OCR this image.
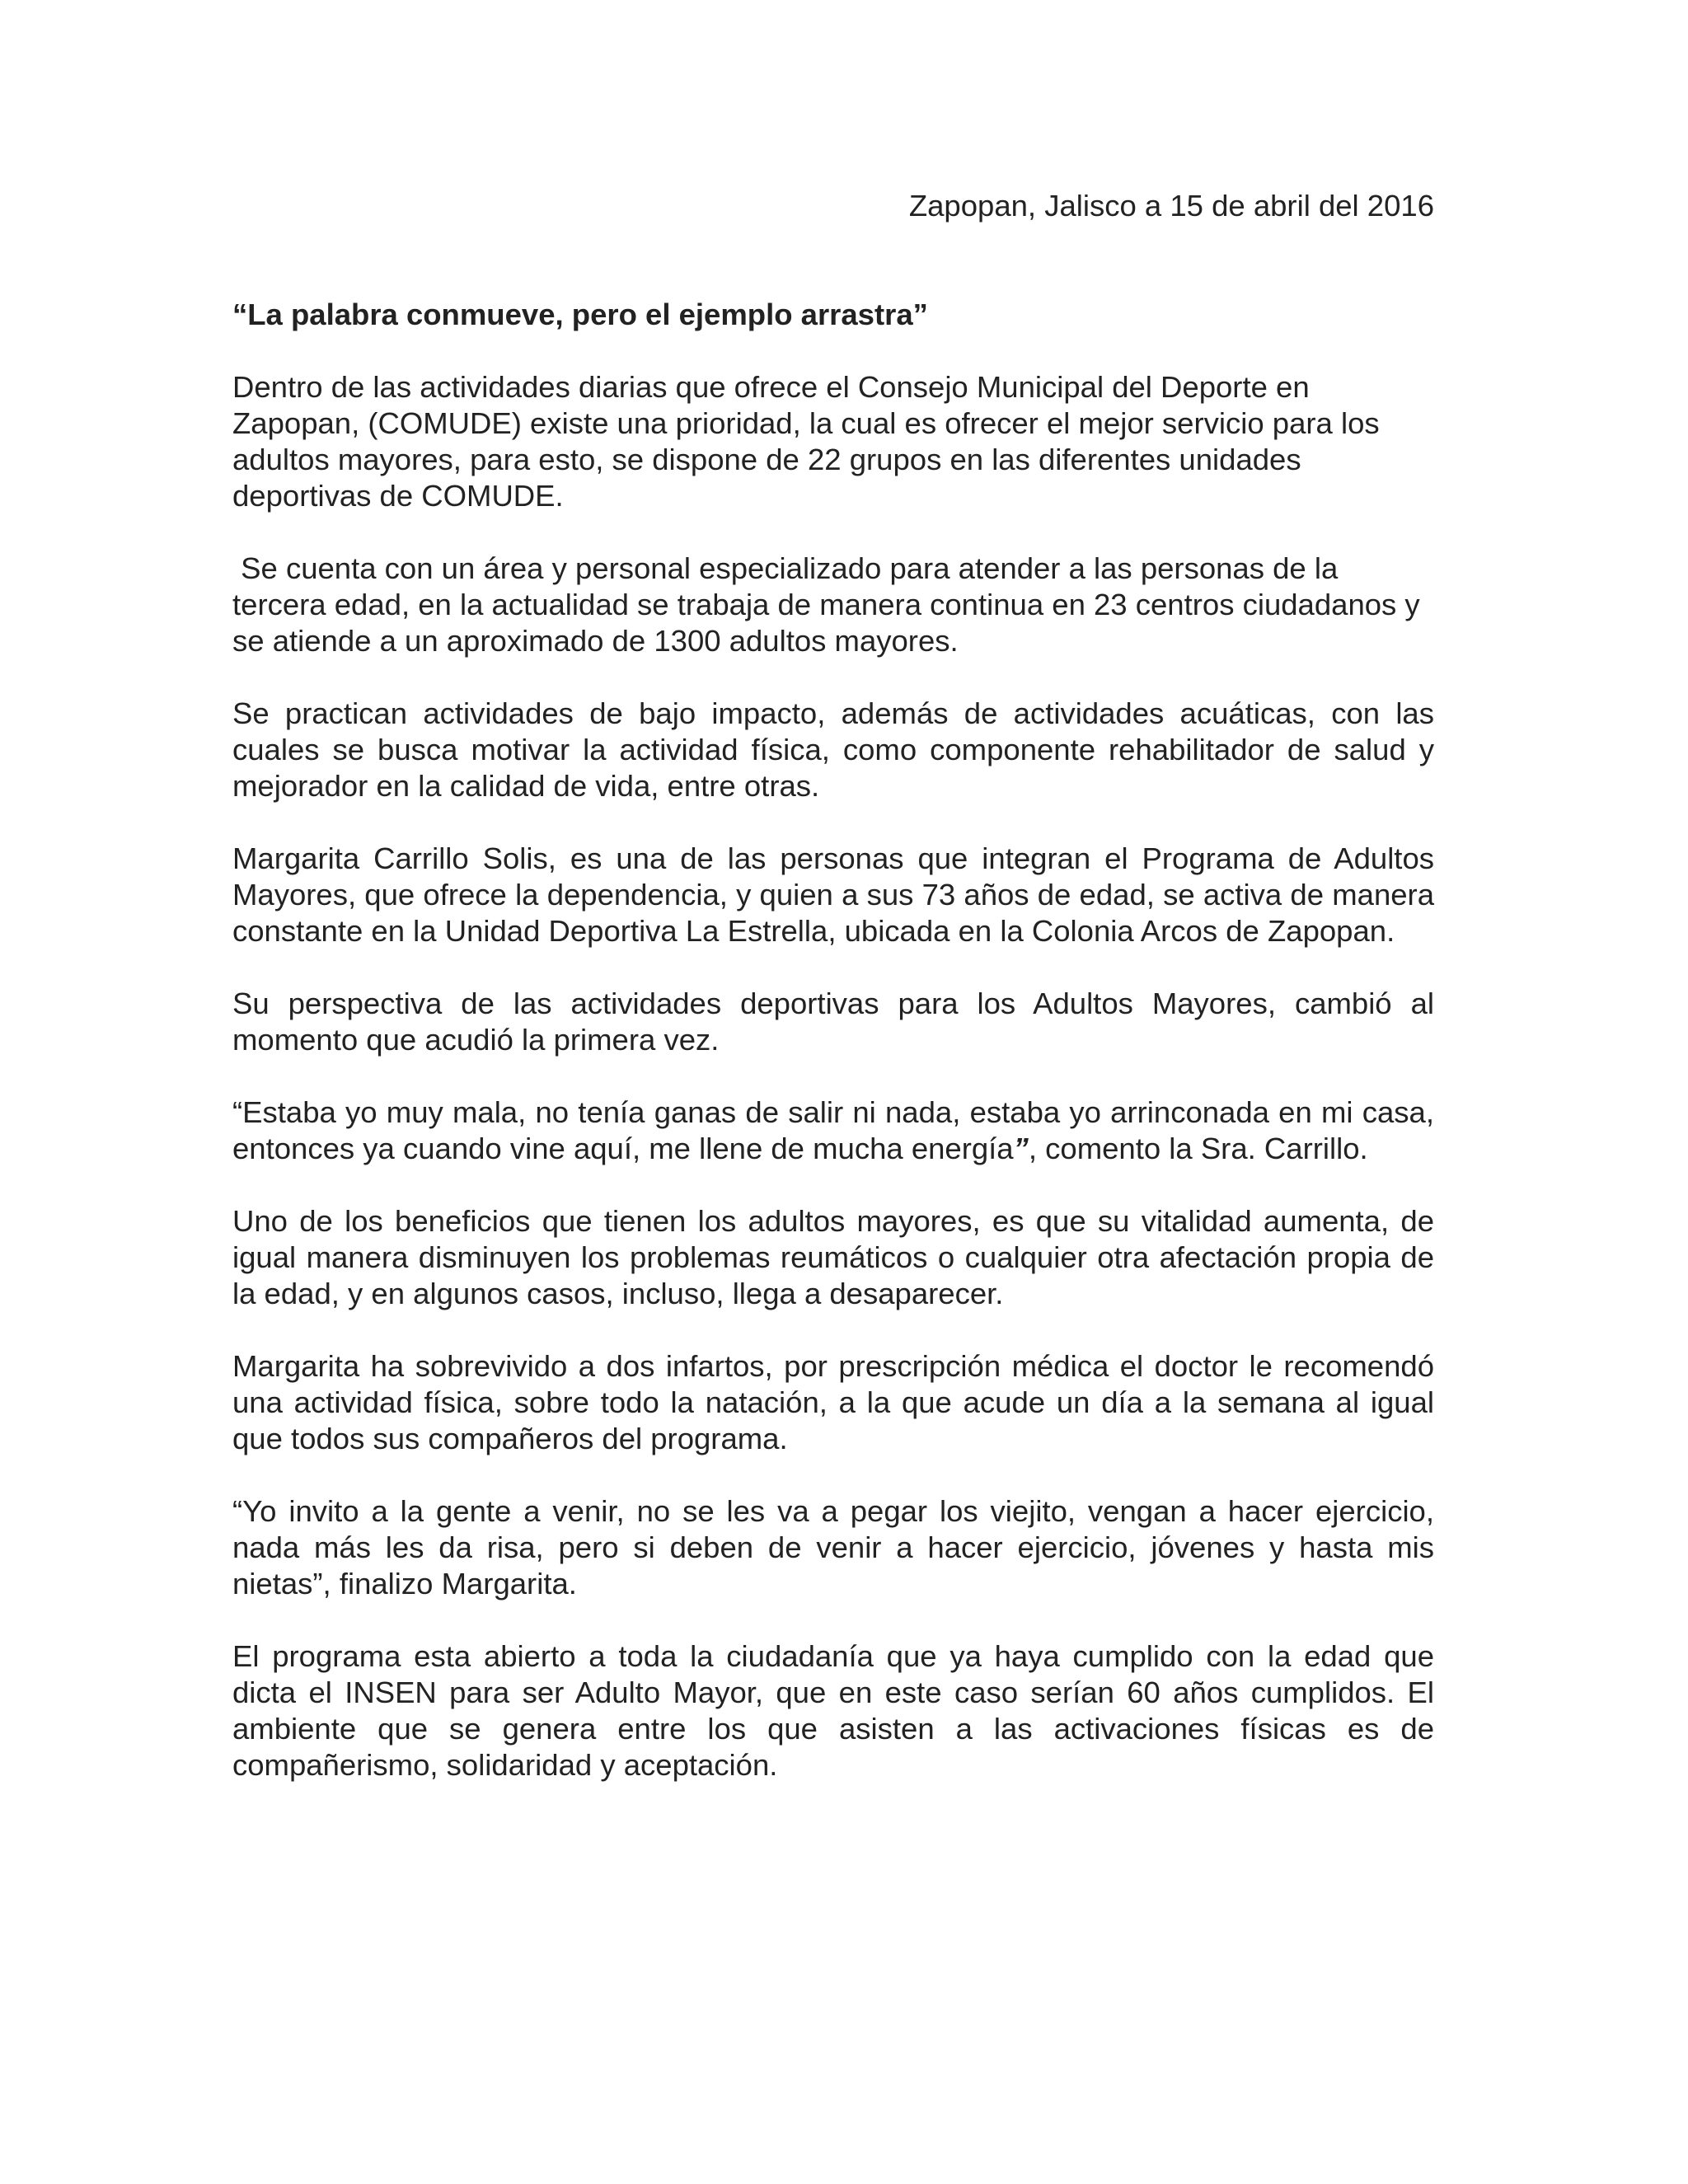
Zapopan, Jalisco a 15 de abril del 2016

“La palabra conmueve, pero el ejemplo arrastra”

Dentro de las actividades diarias que ofrece el Consejo Municipal del Deporte en Zapopan, (COMUDE) existe una prioridad, la cual es ofrecer el mejor servicio para los adultos mayores, para esto, se dispone de 22 grupos en las diferentes unidades deportivas de COMUDE.

Se cuenta con un área y personal especializado para atender a las personas de la tercera edad, en la actualidad se trabaja de manera continua en 23 centros ciudadanos y se atiende a un aproximado de 1300 adultos mayores.

Se practican actividades de bajo impacto, además de actividades acuáticas, con las cuales se busca motivar la actividad física, como componente rehabilitador de salud y mejorador en la calidad de vida, entre otras.

Margarita Carrillo Solis, es una de las personas que integran el Programa de Adultos Mayores, que ofrece la dependencia, y quien a sus 73 años de edad, se activa de manera constante en la Unidad Deportiva La Estrella, ubicada en la Colonia Arcos de Zapopan.

Su perspectiva de las actividades deportivas para los Adultos Mayores, cambió al momento que acudió la primera vez.

“Estaba yo muy mala, no tenía ganas de salir ni nada, estaba yo arrinconada en mi casa, entonces ya cuando vine aquí, me llene de mucha energía”, comento la Sra. Carrillo.

Uno de los beneficios que tienen los adultos mayores, es que su vitalidad aumenta, de igual manera disminuyen los problemas reumáticos o cualquier otra afectación propia de la edad, y en algunos casos, incluso, llega a desaparecer.

Margarita ha sobrevivido a dos infartos, por prescripción médica el doctor le recomendó una actividad física, sobre todo la natación, a la que acude un día a la semana al igual que todos sus compañeros del programa.

“Yo invito a la gente a venir, no se les va a pegar los viejito, vengan a hacer ejercicio, nada más les da risa, pero si deben de venir a hacer ejercicio, jóvenes y hasta mis nietas”, finalizo Margarita.

El programa esta abierto a toda la ciudadanía que ya haya cumplido con la edad que dicta el INSEN para ser Adulto Mayor, que en este caso serían 60 años cumplidos. El ambiente que se genera entre los que asisten a las activaciones físicas es de compañerismo, solidaridad y aceptación.
